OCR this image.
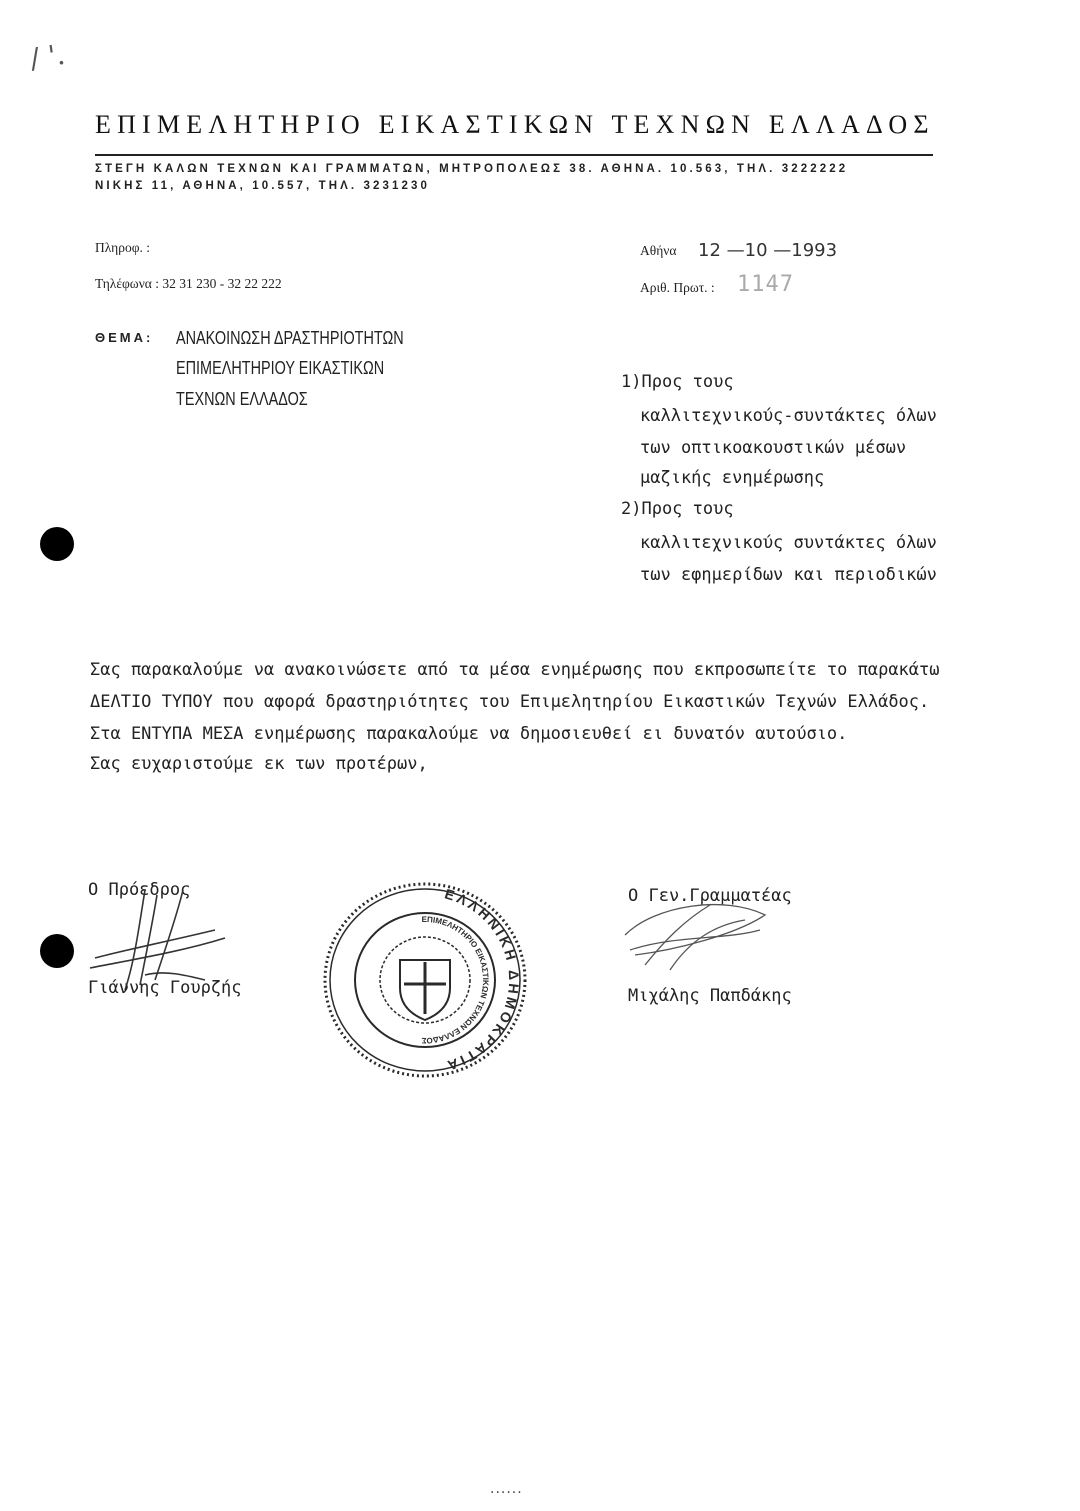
/ '.
ΕΠΙΜΕΛΗΤΗΡΙΟ ΕΙΚΑΣΤΙΚΩΝ ΤΕΧΝΩΝ ΕΛΛΑΔΟΣ
ΣΤΕΓΗ ΚΑΛΩΝ ΤΕΧΝΩΝ ΚΑΙ ΓΡΑΜΜΑΤΩΝ, ΜΗΤΡΟΠΟΛΕΩΣ 38. ΑΘΗΝΑ. 10.563, ΤΗΛ. 3222222
ΝΙΚΗΣ 11, ΑΘΗΝΑ, 10.557, ΤΗΛ. 3231230
Πληροφ. :
Τηλέφωνα : 32 31 230 - 32 22 222
Αθήνα 12 —10 —1993
Αριθ. Πρωτ. : 1147
ΘΕΜΑ: ΑΝΑΚΟΙΝΩΣΗ ΔΡΑΣΤΗΡΙΟΤΗΤΩΝ
ΕΠΙΜΕΛΗΤΗΡΙΟΥ ΕΙΚΑΣΤΙΚΩΝ
ΤΕΧΝΩΝ ΕΛΛΑΔΟΣ
1)Προς τους
καλλιτεχνικούς-συντάκτες όλων
των οπτικοακουστικών μέσων
μαζικής ενημέρωσης
2)Προς τους
καλλιτεχνικούς συντάκτες όλων
των εφημερίδων και περιοδικών
Σας παρακαλούμε να ανακοινώσετε από τα μέσα ενημέρωσης που εκπροσωπείτε το παρακάτω
ΔΕΛΤΙΟ ΤΥΠΟΥ που αφορά δραστηριότητες του Επιμελητηρίου Εικαστικών Τεχνών Ελλάδος.
Στα ΕΝΤΥΠΑ ΜΕΣΑ ενημέρωσης παρακαλούμε να δημοσιευθεί ει δυνατόν αυτούσιο.
Σας ευχαριστούμε εκ των προτέρων,
Ο Πρόεδρος
Γιάννης Γουρζής
ΕΛΛΗΝΙΚΗ ΔΗΜΟΚΡΑΤΙΑ
ΕΠΙΜΕΛΗΤΗΡΙΟ ΕΙΚΑΣΤΙΚΩΝ ΤΕΧΝΩΝ ΕΛΛΑΔΟΣ
Ο Γεν.Γραμματέας
Μιχάλης Παπδάκης
......
